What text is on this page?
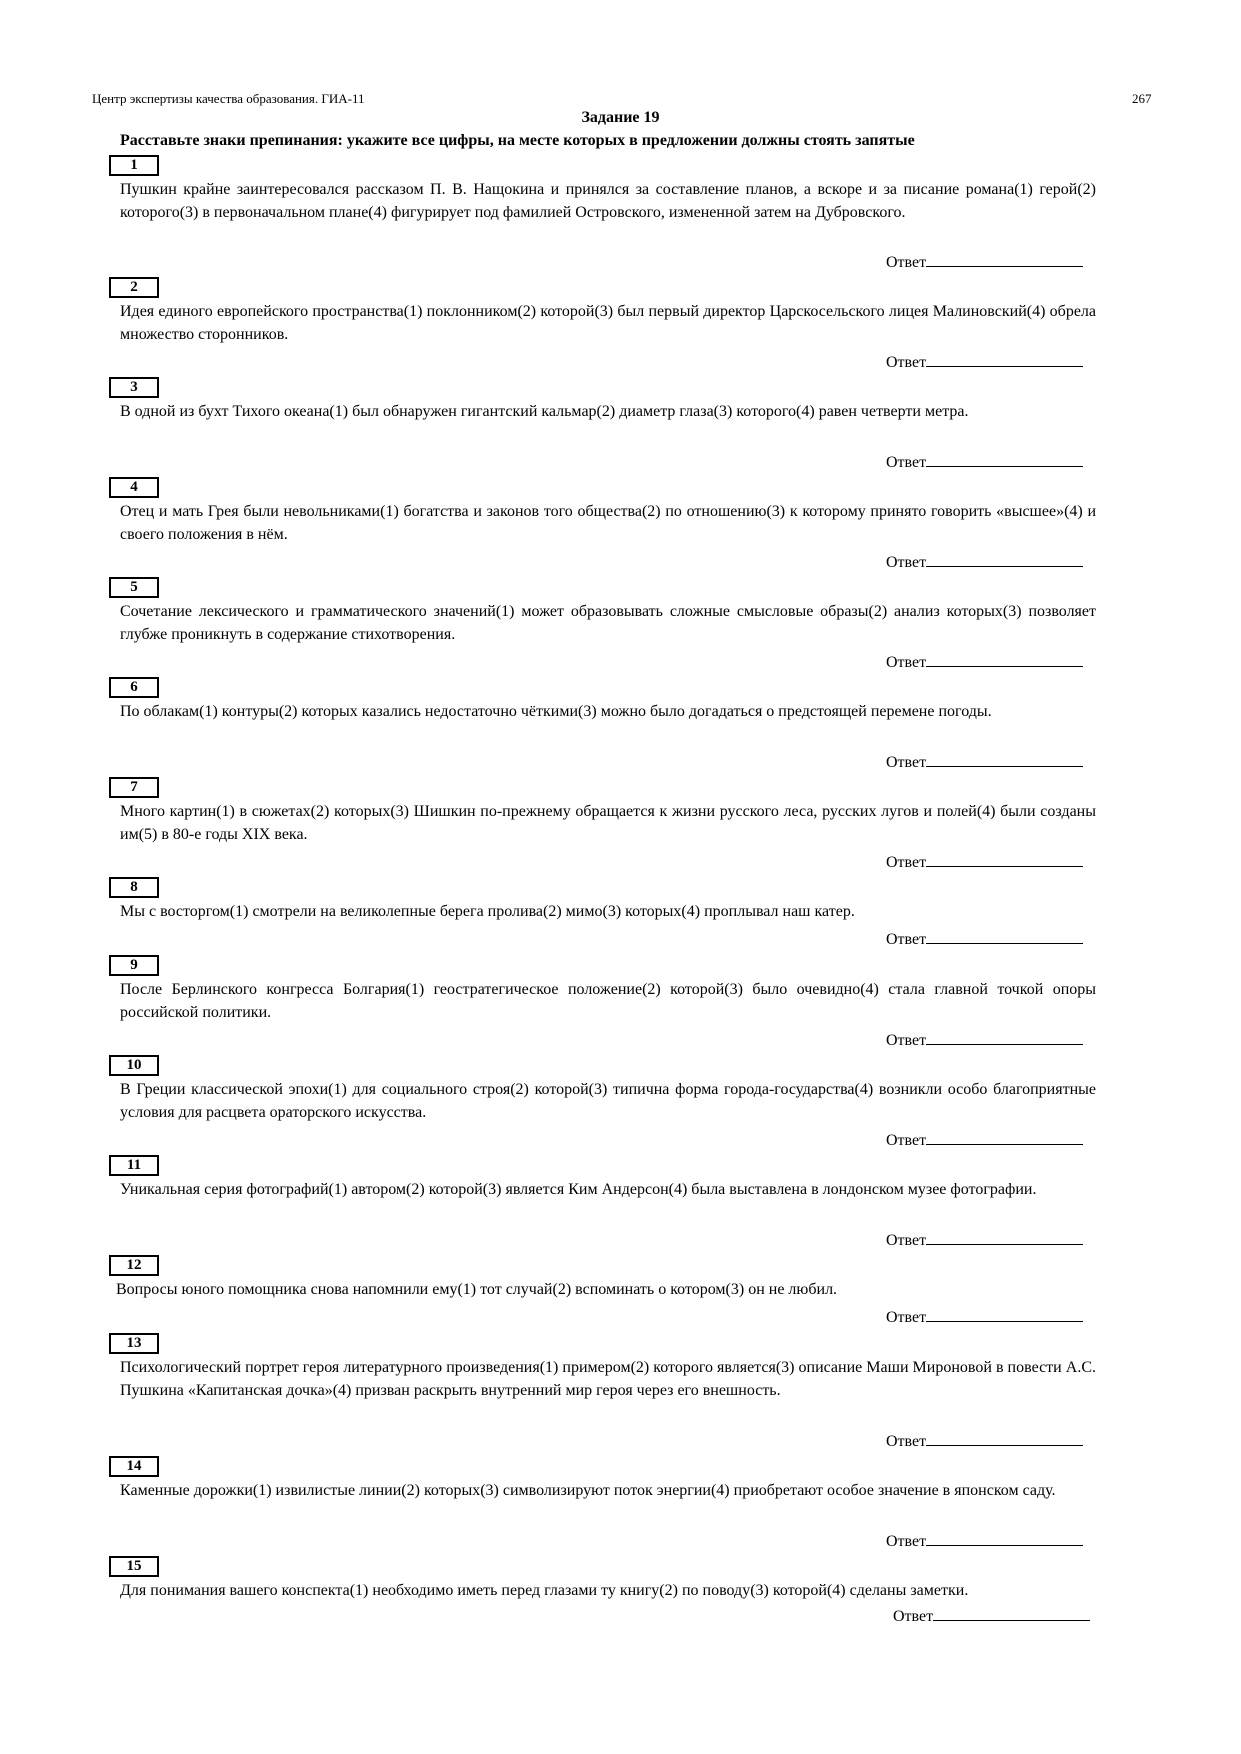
Центр экспертизы качества образования. ГИА-11	267
Задание 19
Расставьте знаки препинания: укажите все цифры, на месте которых в предложении должны стоять запятые
1
Пушкин крайне заинтересовался рассказом П. В. Нащокина и принялся за составление планов, а вскоре и за писание романа(1) герой(2) которого(3) в первоначальном плане(4) фигурирует под фамилией Островского, измененной затем на Дубровского.
Ответ
2
Идея единого европейского пространства(1) поклонником(2) которой(3) был первый директор Царскосельского лицея Малиновский(4) обрела множество сторонников.
Ответ
3
В одной из бухт Тихого океана(1) был обнаружен гигантский кальмар(2) диаметр глаза(3) которого(4) равен четверти метра.
Ответ
4
Отец и мать Грея были невольниками(1) богатства и законов того общества(2) по отношению(3) к которому принято говорить «высшее»(4) и своего положения в нём.
Ответ
5
Сочетание лексического и грамматического значений(1) может образовывать сложные смысловые образы(2) анализ которых(3) позволяет глубже проникнуть в содержание стихотворения.
Ответ
6
По облакам(1) контуры(2) которых казались недостаточно чёткими(3) можно было догадаться о предстоящей перемене погоды.
Ответ
7
Много картин(1) в сюжетах(2) которых(3) Шишкин по-прежнему обращается к жизни русского леса, русских лугов и полей(4) были созданы им(5) в 80-е годы XIX века.
Ответ
8
Мы с восторгом(1) смотрели на великолепные берега пролива(2) мимо(3) которых(4) проплывал наш катер.
Ответ
9
После Берлинского конгресса Болгария(1) геостратегическое положение(2) которой(3) было очевидно(4) стала главной точкой опоры российской политики.
Ответ
10
В Греции классической эпохи(1) для социального строя(2) которой(3) типична форма города-государства(4) возникли особо благоприятные условия для расцвета ораторского искусства.
Ответ
11
Уникальная серия фотографий(1) автором(2) которой(3) является Ким Андерсон(4) была выставлена в лондонском музее фотографии.
Ответ
12
Вопросы юного помощника снова напомнили ему(1) тот случай(2) вспоминать о котором(3) он не любил.
Ответ
13
Психологический портрет героя литературного произведения(1) примером(2) которого является(3) описание Маши Мироновой в повести А.С. Пушкина «Капитанская дочка»(4) призван раскрыть внутренний мир героя через его внешность.
Ответ
14
Каменные дорожки(1) извилистые линии(2) которых(3) символизируют поток энергии(4) приобретают особое значение в японском саду.
Ответ
15
Для понимания вашего конспекта(1) необходимо иметь перед глазами ту книгу(2) по поводу(3) которой(4) сделаны заметки.
Ответ
